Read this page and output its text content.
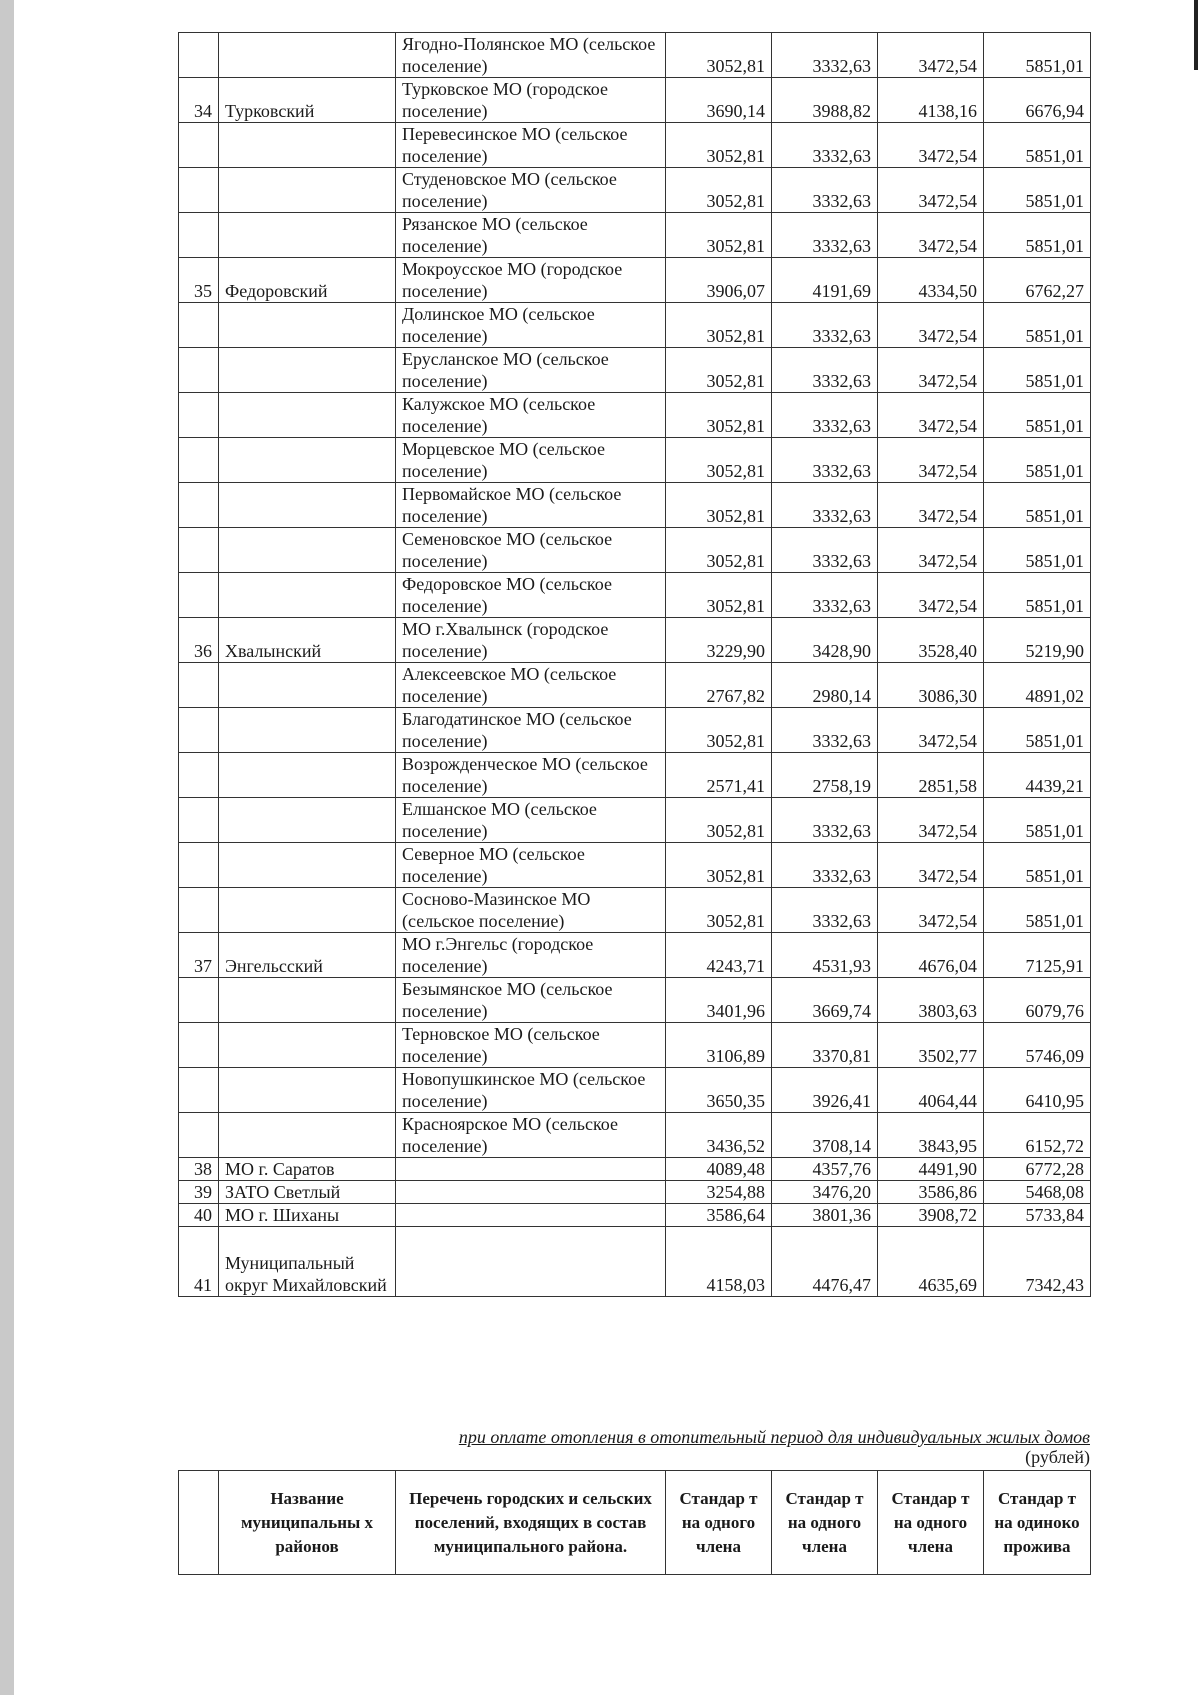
		Ягодно-Полянское МО (сельское поселение)	3052,81	3332,63	3472,54	5851,01
34	Турковский	Турковское МО (городское поселение)	3690,14	3988,82	4138,16	6676,94
		Перевесинское МО (сельское поселение)	3052,81	3332,63	3472,54	5851,01
		Студеновское МО (сельское поселение)	3052,81	3332,63	3472,54	5851,01
		Рязанское МО (сельское поселение)	3052,81	3332,63	3472,54	5851,01
35	Федоровский	Мокроусское МО (городское поселение)	3906,07	4191,69	4334,50	6762,27
		Долинское МО (сельское поселение)	3052,81	3332,63	3472,54	5851,01
		Еруслaнское МО (сельское поселение)	3052,81	3332,63	3472,54	5851,01
		Калужское МО (сельское поселение)	3052,81	3332,63	3472,54	5851,01
		Морцевское МО (сельское поселение)	3052,81	3332,63	3472,54	5851,01
		Первомайское МО (сельское поселение)	3052,81	3332,63	3472,54	5851,01
		Семеновское МО (сельское поселение)	3052,81	3332,63	3472,54	5851,01
		Федоровское МО (сельское поселение)	3052,81	3332,63	3472,54	5851,01
36	Хвалынский	МО г.Хвалынск (городское поселение)	3229,90	3428,90	3528,40	5219,90
		Алексеевское МО (сельское поселение)	2767,82	2980,14	3086,30	4891,02
		Благодатинское МО (сельское поселение)	3052,81	3332,63	3472,54	5851,01
		Возрожденческое МО (сельское поселение)	2571,41	2758,19	2851,58	4439,21
		Елшанское МО (сельское поселение)	3052,81	3332,63	3472,54	5851,01
		Северное МО (сельское поселение)	3052,81	3332,63	3472,54	5851,01
		Сосново-Мазинское МО (сельское поселение)	3052,81	3332,63	3472,54	5851,01
37	Энгельсский	МО г.Энгельс (городское поселение)	4243,71	4531,93	4676,04	7125,91
		Безымянское МО (сельское поселение)	3401,96	3669,74	3803,63	6079,76
		Терновское МО (сельское поселение)	3106,89	3370,81	3502,77	5746,09
		Новопушкинское МО (сельское поселение)	3650,35	3926,41	4064,44	6410,95
		Красноярское МО (сельское поселение)	3436,52	3708,14	3843,95	6152,72
38	МО г. Саратов		4089,48	4357,76	4491,90	6772,28
39	ЗАТО Светлый		3254,88	3476,20	3586,86	5468,08
40	МО г. Шиханы		3586,64	3801,36	3908,72	5733,84
41	Муниципальный округ Михайловский		4158,03	4476,47	4635,69	7342,43
при оплате отопления в отопительный период для индивидуальных жилых домов
(рублей)
	Название муниципальны х районов	Перечень городских и сельских поселений, входящих в состав муниципального района.	Стандар т на одного члена	Стандар т на одного члена	Стандар т на одного члена	Стандар т на одиноко прожива
